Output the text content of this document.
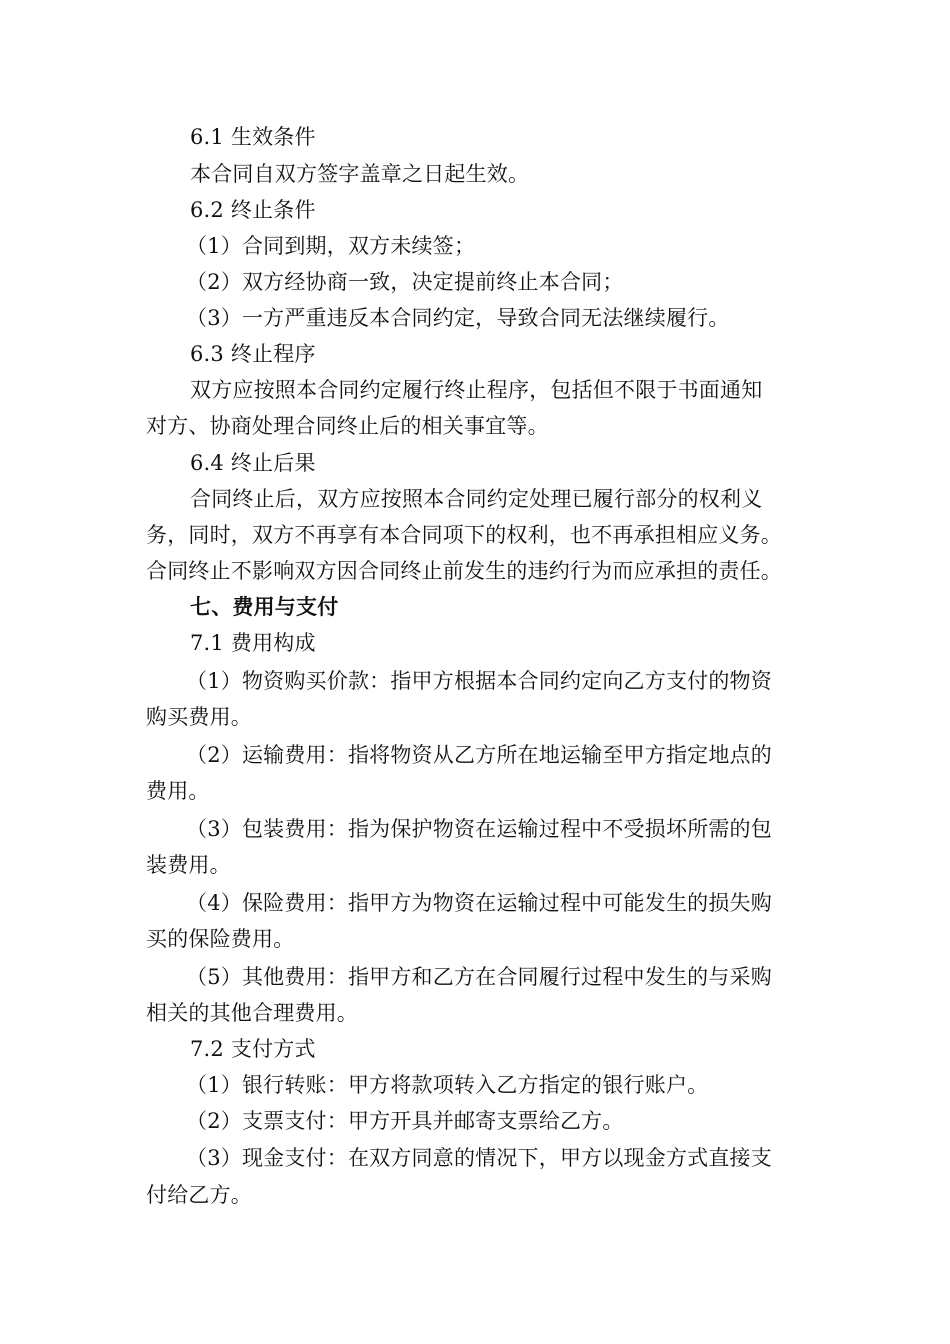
6.1 生效条件
本合同自双方签字盖章之日起生效。
6.2 终止条件
（1）合同到期，双方未续签；
（2）双方经协商一致，决定提前终止本合同；
（3）一方严重违反本合同约定，导致合同无法继续履行。
6.3 终止程序
双方应按照本合同约定履行终止程序，包括但不限于书面通知
对方、协商处理合同终止后的相关事宜等。
6.4 终止后果
合同终止后，双方应按照本合同约定处理已履行部分的权利义
务，同时，双方不再享有本合同项下的权利，也不再承担相应义务。
合同终止不影响双方因合同终止前发生的违约行为而应承担的责任。
七、费用与支付
7.1 费用构成
（1）物资购买价款：指甲方根据本合同约定向乙方支付的物资
购买费用。
（2）运输费用：指将物资从乙方所在地运输至甲方指定地点的
费用。
（3）包装费用：指为保护物资在运输过程中不受损坏所需的包
装费用。
（4）保险费用：指甲方为物资在运输过程中可能发生的损失购
买的保险费用。
（5）其他费用：指甲方和乙方在合同履行过程中发生的与采购
相关的其他合理费用。
7.2 支付方式
（1）银行转账：甲方将款项转入乙方指定的银行账户。
（2）支票支付：甲方开具并邮寄支票给乙方。
（3）现金支付：在双方同意的情况下，甲方以现金方式直接支
付给乙方。
